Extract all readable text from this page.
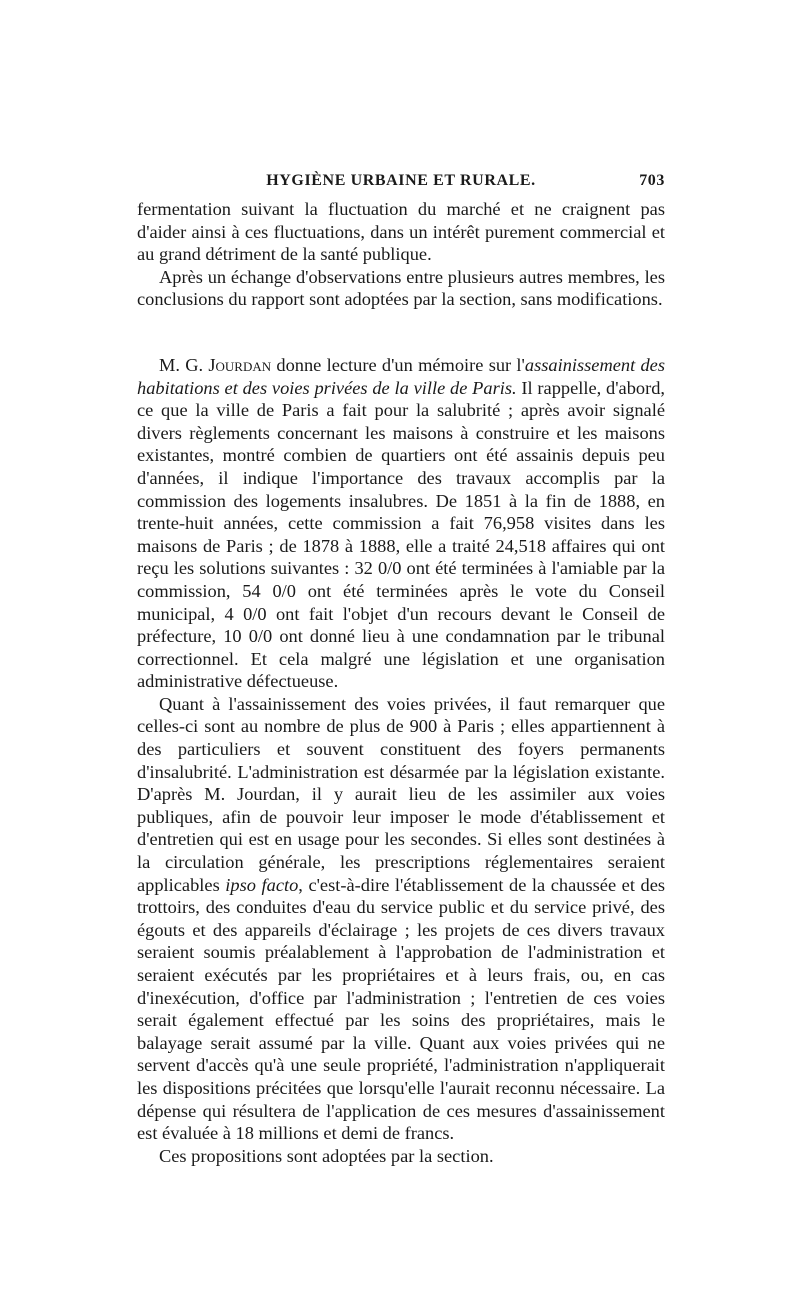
HYGIÈNE URBAINE ET RURALE.	703

fermentation suivant la fluctuation du marché et ne craignent pas d'aider ainsi à ces fluctuations, dans un intérêt purement commercial et au grand détriment de la santé publique.

Après un échange d'observations entre plusieurs autres membres, les conclusions du rapport sont adoptées par la section, sans modifications.

M. G. Jourdan donne lecture d'un mémoire sur l'assainissement des habitations et des voies privées de la ville de Paris. Il rappelle, d'abord, ce que la ville de Paris a fait pour la salubrité ; après avoir signalé divers règlements concernant les maisons à construire et les maisons existantes, montré combien de quartiers ont été assainis depuis peu d'années, il indique l'importance des travaux accomplis par la commission des logements insalubres. De 1851 à la fin de 1888, en trente-huit années, cette commission a fait 76,958 visites dans les maisons de Paris ; de 1878 à 1888, elle a traité 24,518 affaires qui ont reçu les solutions suivantes : 32 0/0 ont été terminées à l'amiable par la commission, 54 0/0 ont été terminées après le vote du Conseil municipal, 4 0/0 ont fait l'objet d'un recours devant le Conseil de préfecture, 10 0/0 ont donné lieu à une condamnation par le tribunal correctionnel. Et cela malgré une législation et une organisation administrative défectueuse.

Quant à l'assainissement des voies privées, il faut remarquer que celles-ci sont au nombre de plus de 900 à Paris ; elles appartiennent à des particuliers et souvent constituent des foyers permanents d'insalubrité. L'administration est désarmée par la législation existante. D'après M. Jourdan, il y aurait lieu de les assimiler aux voies publiques, afin de pouvoir leur imposer le mode d'établissement et d'entretien qui est en usage pour les secondes. Si elles sont destinées à la circulation générale, les prescriptions réglementaires seraient applicables ipso facto, c'est-à-dire l'établissement de la chaussée et des trottoirs, des conduites d'eau du service public et du service privé, des égouts et des appareils d'éclairage ; les projets de ces divers travaux seraient soumis préalablement à l'approbation de l'administration et seraient exécutés par les propriétaires et à leurs frais, ou, en cas d'inexécution, d'office par l'administration ; l'entretien de ces voies serait également effectué par les soins des propriétaires, mais le balayage serait assumé par la ville. Quant aux voies privées qui ne servent d'accès qu'à une seule propriété, l'administration n'appliquerait les dispositions précitées que lorsqu'elle l'aurait reconnu nécessaire. La dépense qui résultera de l'application de ces mesures d'assainissement est évaluée à 18 millions et demi de francs.

Ces propositions sont adoptées par la section.
